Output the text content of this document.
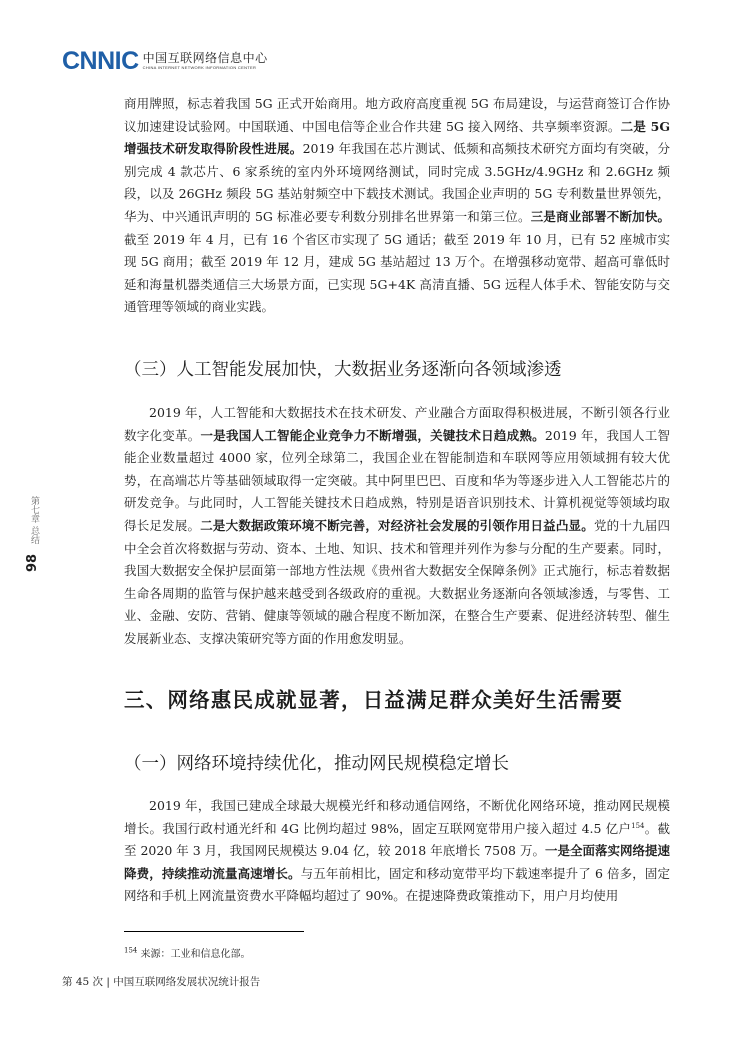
CNNIC 中国互联网络信息中心
CHINA INTERNET NETWORK INFORMATION CENTER
98
第七章 总结

商用牌照，标志着我国 5G 正式开始商用。地方政府高度重视 5G 布局建设，与运营商签订合作协议加速建设试验网。中国联通、中国电信等企业合作共建 5G 接入网络、共享频率资源。二是 5G 增强技术研发取得阶段性进展。2019 年我国在芯片测试、低频和高频技术研究方面均有突破，分别完成 4 款芯片、6 家系统的室内外环境网络测试，同时完成 3.5GHz/4.9GHz 和 2.6GHz 频段，以及 26GHz 频段 5G 基站射频空中下载技术测试。我国企业声明的 5G 专利数量世界领先，华为、中兴通讯声明的 5G 标准必要专利数分别排名世界第一和第三位。三是商业部署不断加快。截至 2019 年 4 月，已有 16 个省区市实现了 5G 通话；截至 2019 年 10 月，已有 52 座城市实现 5G 商用；截至 2019 年 12 月，建成 5G 基站超过 13 万个。在增强移动宽带、超高可靠低时延和海量机器类通信三大场景方面，已实现 5G+4K 高清直播、5G 远程人体手术、智能安防与交通管理等领域的商业实践。

（三）人工智能发展加快，大数据业务逐渐向各领域渗透

2019 年，人工智能和大数据技术在技术研发、产业融合方面取得积极进展，不断引领各行业数字化变革。一是我国人工智能企业竞争力不断增强，关键技术日趋成熟。2019 年，我国人工智能企业数量超过 4000 家，位列全球第二，我国企业在智能制造和车联网等应用领域拥有较大优势，在高端芯片等基础领域取得一定突破。其中阿里巴巴、百度和华为等逐步进入人工智能芯片的研发竞争。与此同时，人工智能关键技术日趋成熟，特别是语音识别技术、计算机视觉等领域均取得长足发展。二是大数据政策环境不断完善，对经济社会发展的引领作用日益凸显。党的十九届四中全会首次将数据与劳动、资本、土地、知识、技术和管理并列作为参与分配的生产要素。同时，我国大数据安全保护层面第一部地方性法规《贵州省大数据安全保障条例》正式施行，标志着数据生命各周期的监管与保护越来越受到各级政府的重视。大数据业务逐渐向各领域渗透，与零售、工业、金融、安防、营销、健康等领域的融合程度不断加深，在整合生产要素、促进经济转型、催生发展新业态、支撑决策研究等方面的作用愈发明显。

三、网络惠民成就显著，日益满足群众美好生活需要
（一）网络环境持续优化，推动网民规模稳定增长

2019 年，我国已建成全球最大规模光纤和移动通信网络，不断优化网络环境，推动网民规模增长。我国行政村通光纤和 4G 比例均超过 98%，固定互联网宽带用户接入超过 4.5 亿户$^{154}$。截至 2020 年 3 月，我国网民规模达 9.04 亿，较 2018 年底增长 7508 万。一是全面落实网络提速降费，持续推动流量高速增长。与五年前相比，固定和移动宽带平均下载速率提升了 6 倍多，固定网络和手机上网流量资费水平降幅均超过了 90%。在提速降费政策推动下，用户月均使用

$^{154}$ 来源：工业和信息化部。
第 45 次 | 中国互联网络发展状况统计报告
